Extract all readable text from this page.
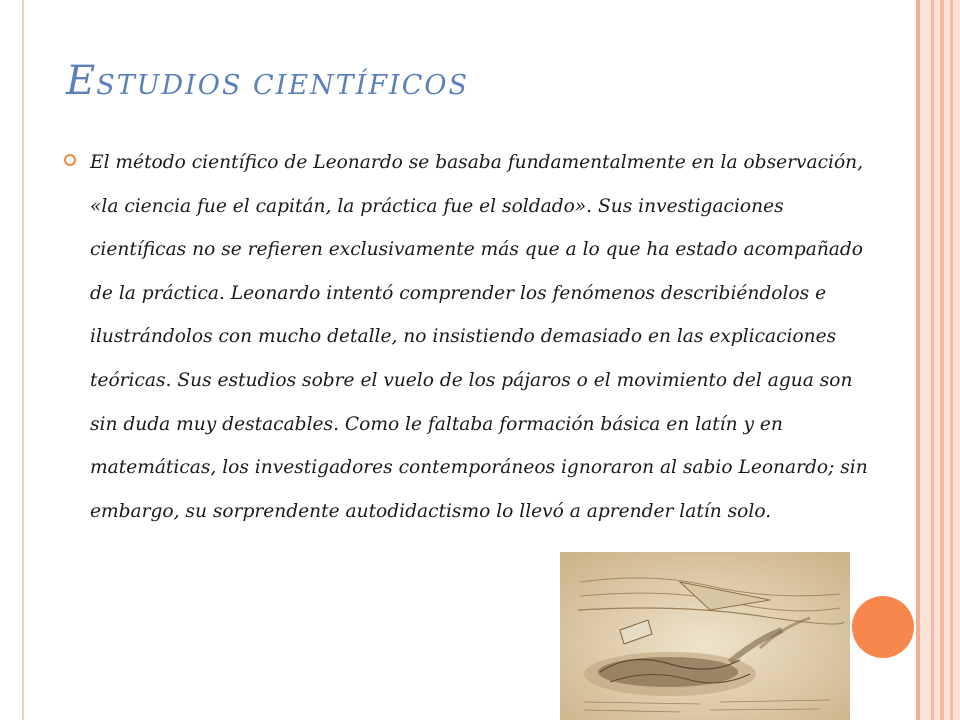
ESTUDIOS CIENTÍFICOS

El método científico de Leonardo se basaba fundamentalmente en la observación, «la ciencia fue el capitán, la práctica fue el soldado». Sus investigaciones científicas no se refieren exclusivamente más que a lo que ha estado acompañado de la práctica. Leonardo intentó comprender los fenómenos describiéndolos e ilustrándolos con mucho detalle, no insistiendo demasiado en las explicaciones teóricas. Sus estudios sobre el vuelo de los pájaros o el movimiento del agua son sin duda muy destacables. Como le faltaba formación básica en latín y en matemáticas, los investigadores contemporáneos ignoraron al sabio Leonardo; sin embargo, su sorprendente autodidactismo lo llevó a aprender latín solo.
